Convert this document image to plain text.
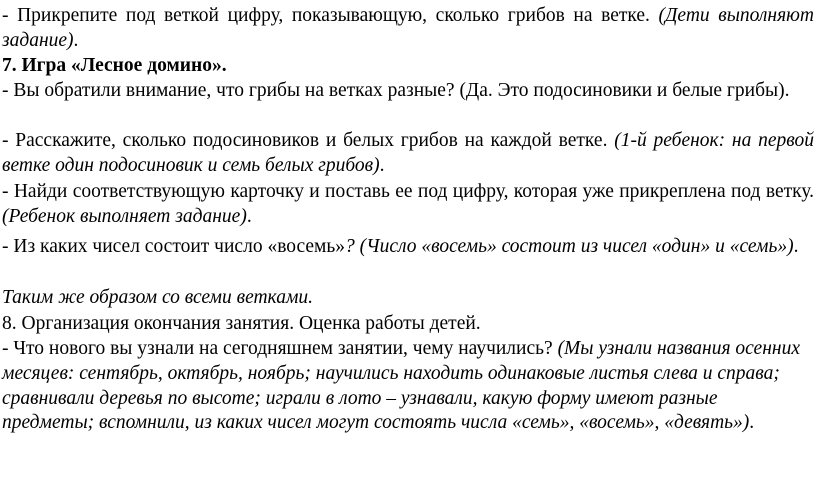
- Прикрепите под веткой цифру, показывающую, сколько грибов на ветке. (Дети выполняют задание).

7. Игра «Лесное домино».

- Вы обратили внимание, что грибы на ветках разные? (Да. Это подосиновики и белые грибы).

- Расскажите, сколько подосиновиков и белых грибов на каждой ветке. (1-й ребенок: на первой ветке один подосиновик и семь белых грибов).

- Найди соответствующую карточку и поставь ее под цифру, которая уже прикреплена под ветку. (Ребенок выполняет задание).

- Из каких чисел состоит число «восемь»? (Число «восемь» состоит из чисел «один» и «семь»).

Таким же образом со всеми ветками.

8. Организация окончания занятия. Оценка работы детей.

- Что нового вы узнали на сегодняшнем занятии, чему научились? (Мы узнали названия осенних месяцев: сентябрь, октябрь, ноябрь; научились находить одинаковые листья слева и справа; сравнивали деревья по высоте; играли в лото – узнавали, какую форму имеют разные предметы; вспомнили, из каких чисел могут состоять числа «семь», «восемь», «девять»).
